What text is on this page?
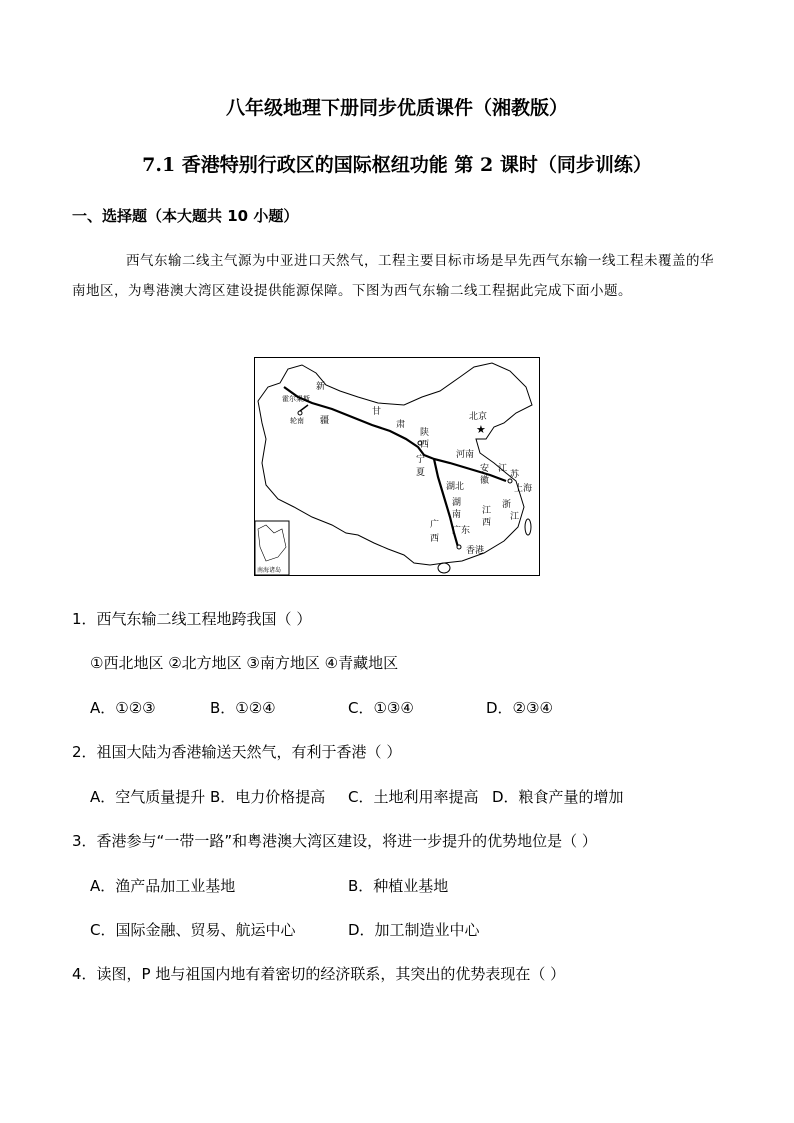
八年级地理下册同步优质课件（湘教版）
7.1 香港特别行政区的国际枢纽功能 第 2 课时（同步训练）
一、选择题（本大题共 10 小题）
西气东输二线主气源为中亚进口天然气，工程主要目标市场是早先西气东输一线工程未覆盖的华南地区，为粤港澳大湾区建设提供能源保障。下图为西气东输二线工程据此完成下面小题。
★
新
霍尔果斯
轮南 疆
甘
肃
北京
陕
西
宁
夏
河南
安
徽
江
苏
上海
湖北
湖
南
浙
江
江
西
广
西
广东
香港
南海诸岛
1．西气东输二线工程地跨我国（ ）
①西北地区 ②北方地区 ③南方地区 ④青藏地区
A．①②③	B．①②④	C．①③④	D．②③④
2．祖国大陆为香港输送天然气，有利于香港（ ）
A．空气质量提升 B．电力价格提高 C．土地利用率提高 D．粮食产量的增加
3．香港参与“一带一路”和粤港澳大湾区建设，将进一步提升的优势地位是（ ）
A．渔产品加工业基地	B．种植业基地
C．国际金融、贸易、航运中心	D．加工制造业中心
4．读图，P 地与祖国内地有着密切的经济联系，其突出的优势表现在（ ）
